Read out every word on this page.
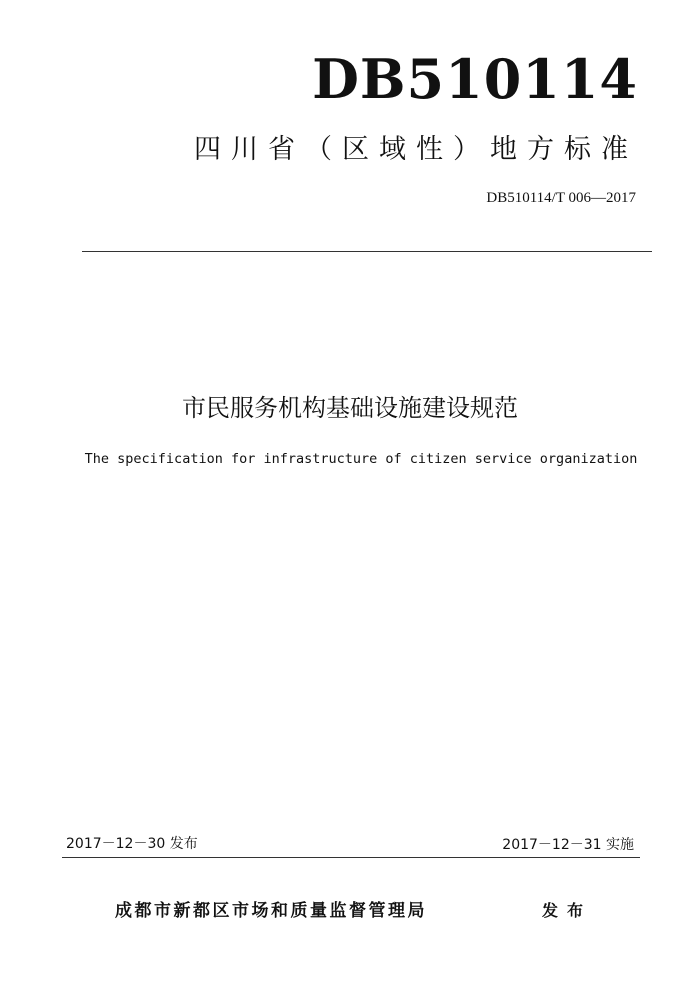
DB510114
四川省（区域性）地方标准
DB510114/T 006—2017
市民服务机构基础设施建设规范
The specification for infrastructure of citizen service organization
2017－12－30 发布	2017－12－31 实施
成都市新都区市场和质量监督管理局	发布
